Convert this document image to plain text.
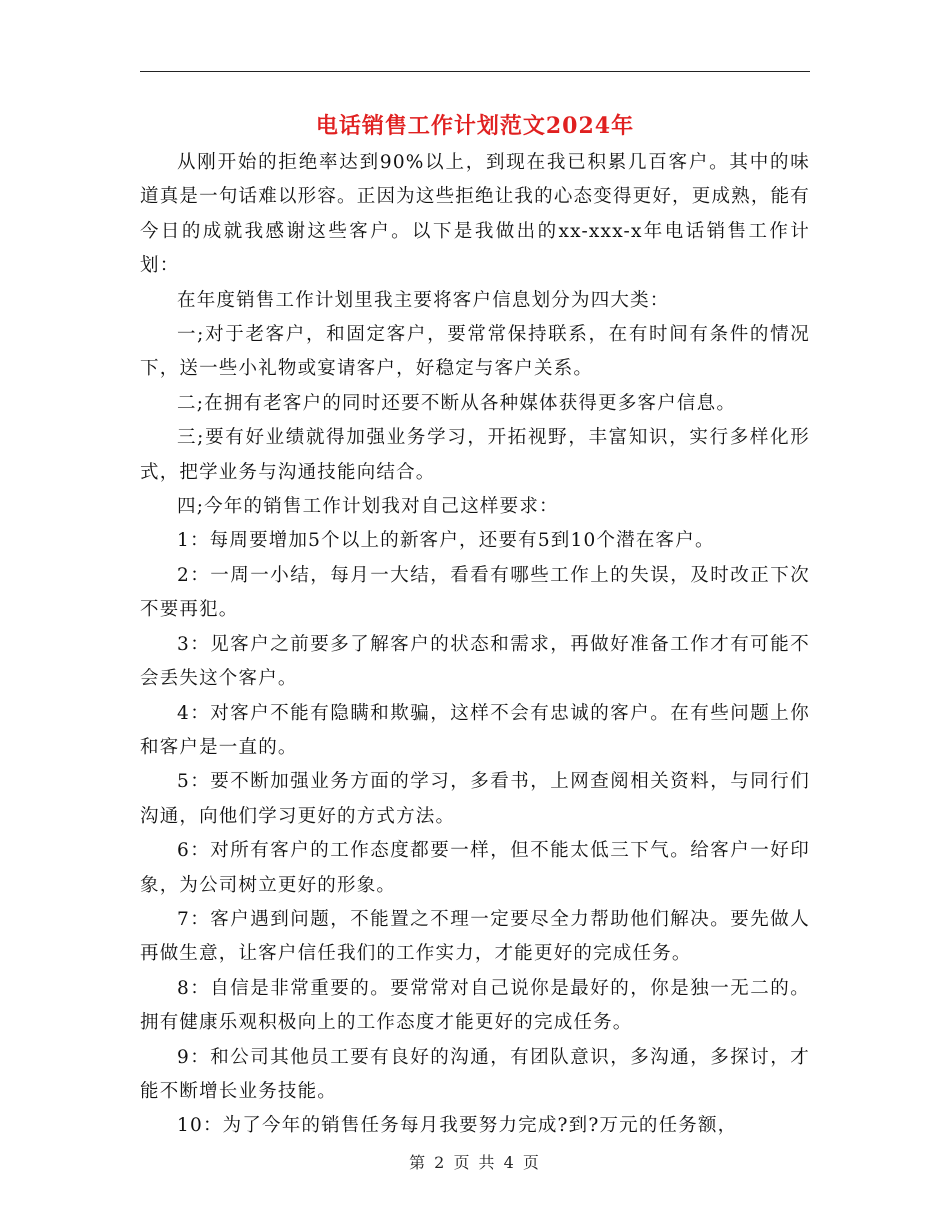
电话销售工作计划范文2024年

从刚开始的拒绝率达到90%以上，到现在我已积累几百客户。其中的味道真是一句话难以形容。正因为这些拒绝让我的心态变得更好，更成熟，能有今日的成就我感谢这些客户。以下是我做出的xx-xxx-x年电话销售工作计划：

在年度销售工作计划里我主要将客户信息划分为四大类：

一;对于老客户，和固定客户，要常常保持联系，在有时间有条件的情况下，送一些小礼物或宴请客户，好稳定与客户关系。

二;在拥有老客户的同时还要不断从各种媒体获得更多客户信息。

三;要有好业绩就得加强业务学习，开拓视野，丰富知识，实行多样化形式，把学业务与沟通技能向结合。

四;今年的销售工作计划我对自己这样要求：

1：每周要增加5个以上的新客户，还要有5到10个潜在客户。

2：一周一小结，每月一大结，看看有哪些工作上的失误，及时改正下次不要再犯。

3：见客户之前要多了解客户的状态和需求，再做好准备工作才有可能不会丢失这个客户。

4：对客户不能有隐瞒和欺骗，这样不会有忠诚的客户。在有些问题上你和客户是一直的。

5：要不断加强业务方面的学习，多看书，上网查阅相关资料，与同行们沟通，向他们学习更好的方式方法。

6：对所有客户的工作态度都要一样，但不能太低三下气。给客户一好印象，为公司树立更好的形象。

7：客户遇到问题，不能置之不理一定要尽全力帮助他们解决。要先做人再做生意，让客户信任我们的工作实力，才能更好的完成任务。

8：自信是非常重要的。要常常对自己说你是最好的，你是独一无二的。拥有健康乐观积极向上的工作态度才能更好的完成任务。

9：和公司其他员工要有良好的沟通，有团队意识，多沟通，多探讨，才能不断增长业务技能。

10：为了今年的销售任务每月我要努力完成?到?万元的任务额，

第 2 页 共 4 页
